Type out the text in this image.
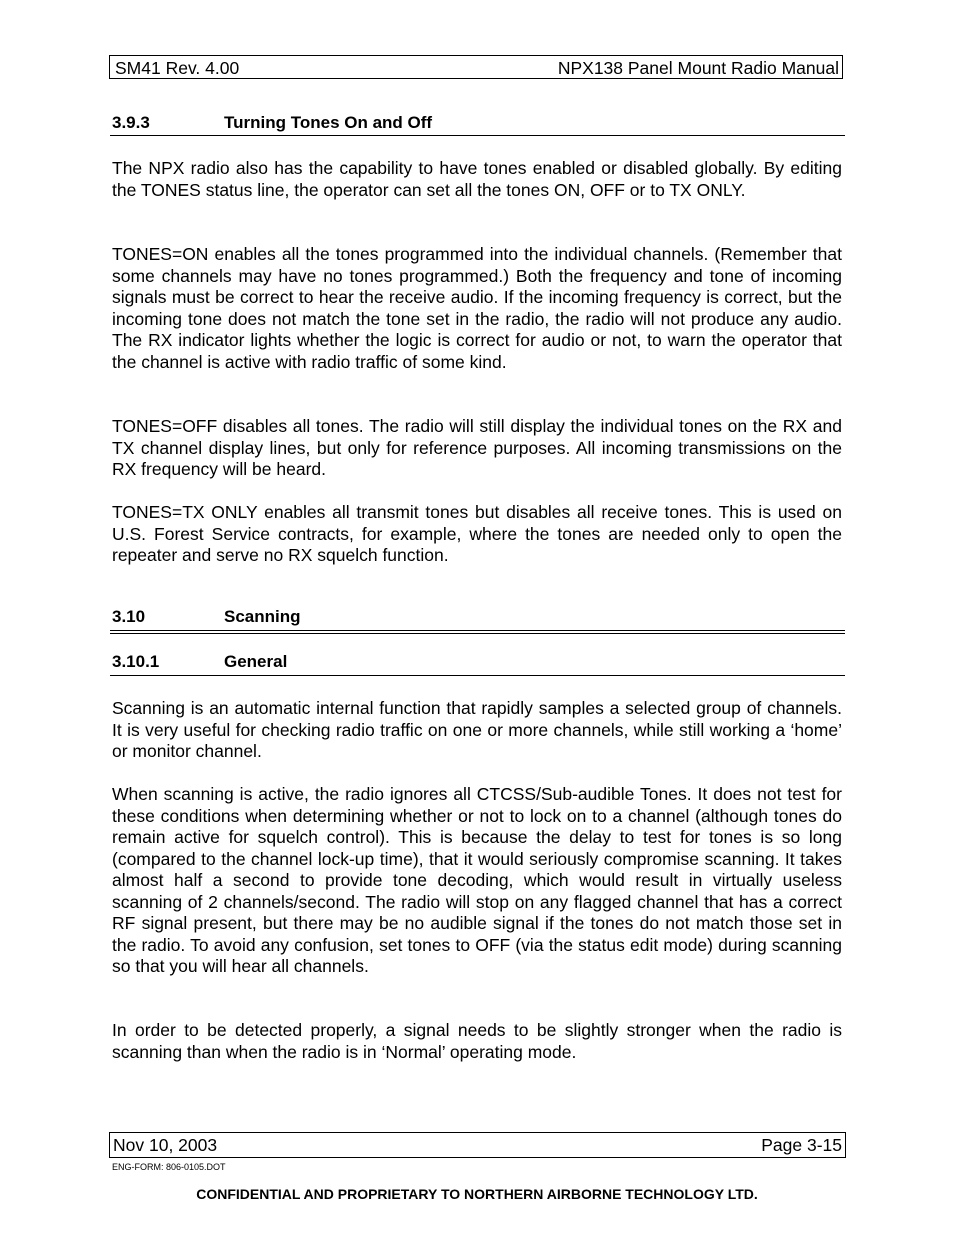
SM41 Rev. 4.00	NPX138 Panel Mount Radio Manual
3.9.3	Turning Tones On and Off

The NPX radio also has the capability to have tones enabled or disabled globally. By editing the TONES status line, the operator can set all the tones ON, OFF or to TX ONLY.

TONES=ON enables all the tones programmed into the individual channels. (Remember that some channels may have no tones programmed.) Both the frequency and tone of incoming signals must be correct to hear the receive audio. If the incoming frequency is correct, but the incoming tone does not match the tone set in the radio, the radio will not produce any audio. The RX indicator lights whether the logic is correct for audio or not, to warn the operator that the channel is active with radio traffic of some kind.

TONES=OFF disables all tones. The radio will still display the individual tones on the RX and TX channel display lines, but only for reference purposes. All incoming transmissions on the RX frequency will be heard.

TONES=TX ONLY enables all transmit tones but disables all receive tones. This is used on U.S. Forest Service contracts, for example, where the tones are needed only to open the repeater and serve no RX squelch function.

3.10	Scanning
3.10.1	General

Scanning is an automatic internal function that rapidly samples a selected group of channels. It is very useful for checking radio traffic on one or more channels, while still working a ‘home’ or monitor channel.

When scanning is active, the radio ignores all CTCSS/Sub-audible Tones. It does not test for these conditions when determining whether or not to lock on to a channel (although tones do remain active for squelch control). This is because the delay to test for tones is so long (compared to the channel lock-up time), that it would seriously compromise scanning. It takes almost half a second to provide tone decoding, which would result in virtually useless scanning of 2 channels/second. The radio will stop on any flagged channel that has a correct RF signal present, but there may be no audible signal if the tones do not match those set in the radio. To avoid any confusion, set tones to OFF (via the status edit mode) during scanning so that you will hear all channels.

In order to be detected properly, a signal needs to be slightly stronger when the radio is scanning than when the radio is in ‘Normal’ operating mode.

Nov 10, 2003	Page 3-15
ENG-FORM: 806-0105.DOT
CONFIDENTIAL AND PROPRIETARY TO NORTHERN AIRBORNE TECHNOLOGY LTD.
